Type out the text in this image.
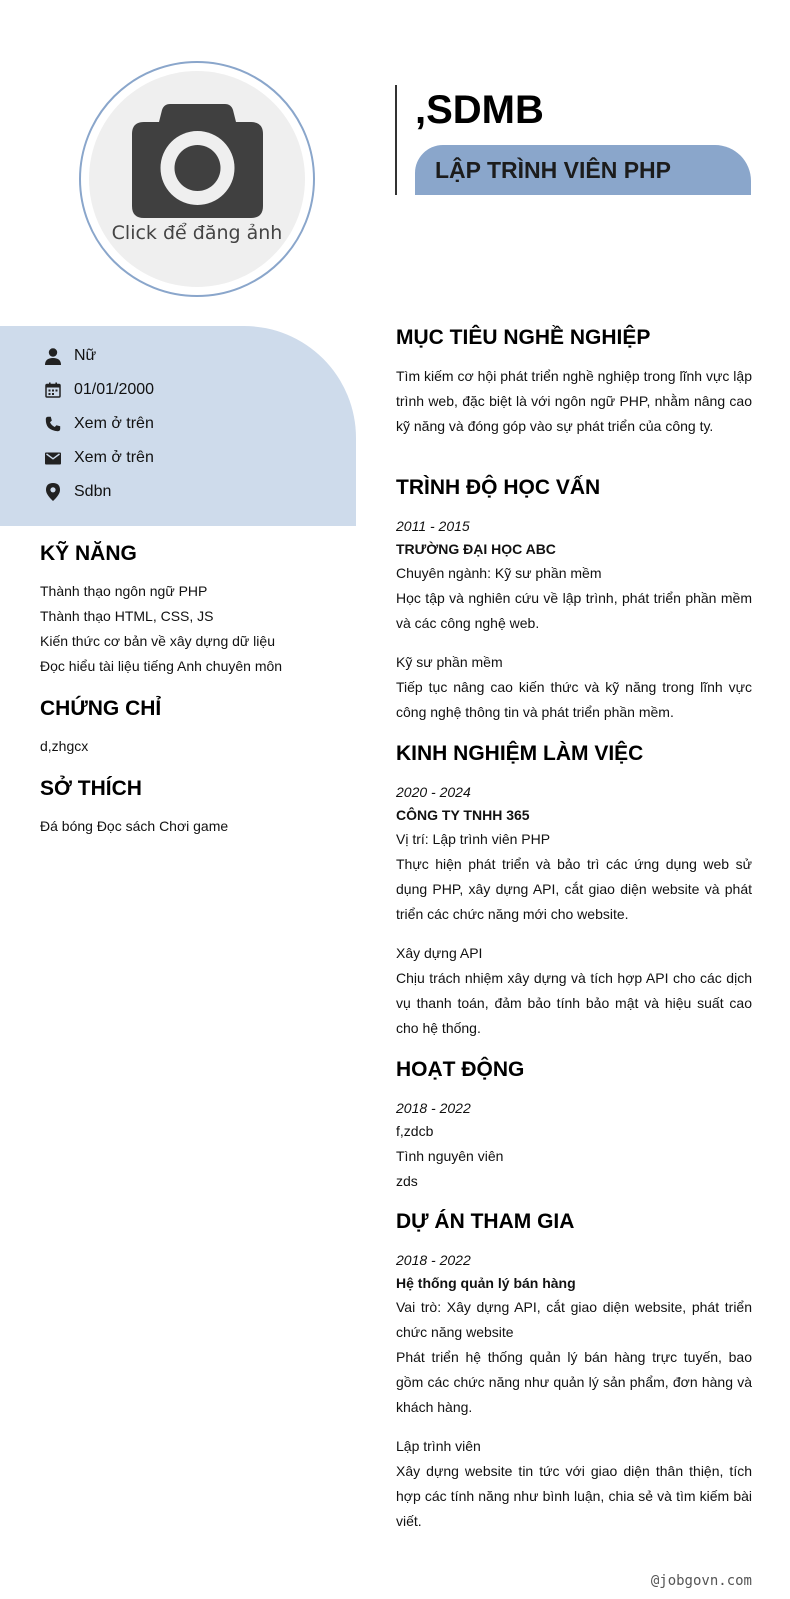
Click để đăng ảnh
,SDMB
LẬP TRÌNH VIÊN PHP
Nữ
01/01/2000
Xem ở trên
Xem ở trên
Sdbn
KỸ NĂNG
Thành thạo ngôn ngữ PHP
Thành thạo HTML, CSS, JS
Kiến thức cơ bản về xây dựng dữ liệu
Đọc hiểu tài liệu tiếng Anh chuyên môn
CHỨNG CHỈ
d,zhgcx
SỞ THÍCH
Đá bóng Đọc sách Chơi game
MỤC TIÊU NGHỀ NGHIỆP
Tìm kiếm cơ hội phát triển nghề nghiệp trong lĩnh vực lập trình web, đặc biệt là với ngôn ngữ PHP, nhằm nâng cao kỹ năng và đóng góp vào sự phát triển của công ty.
TRÌNH ĐỘ HỌC VẤN
2011 - 2015
TRƯỜNG ĐẠI HỌC ABC
Chuyên ngành: Kỹ sư phần mềm
Học tập và nghiên cứu về lập trình, phát triển phần mềm và các công nghệ web.
Kỹ sư phần mềm
Tiếp tục nâng cao kiến thức và kỹ năng trong lĩnh vực công nghệ thông tin và phát triển phần mềm.
KINH NGHIỆM LÀM VIỆC
2020 - 2024
CÔNG TY TNHH 365
Vị trí: Lập trình viên PHP
Thực hiện phát triển và bảo trì các ứng dụng web sử dụng PHP, xây dựng API, cắt giao diện website và phát triển các chức năng mới cho website.
Xây dựng API
Chịu trách nhiệm xây dựng và tích hợp API cho các dịch vụ thanh toán, đảm bảo tính bảo mật và hiệu suất cao cho hệ thống.
HOẠT ĐỘNG
2018 - 2022
f,zdcb
Tình nguyên viên
zds
DỰ ÁN THAM GIA
2018 - 2022
Hệ thống quản lý bán hàng
Vai trò: Xây dựng API, cắt giao diện website, phát triển chức năng website
Phát triển hệ thống quản lý bán hàng trực tuyến, bao gồm các chức năng như quản lý sản phẩm, đơn hàng và khách hàng.
Lập trình viên
Xây dựng website tin tức với giao diện thân thiện, tích hợp các tính năng như bình luận, chia sẻ và tìm kiếm bài viết.
@jobgovn.com
